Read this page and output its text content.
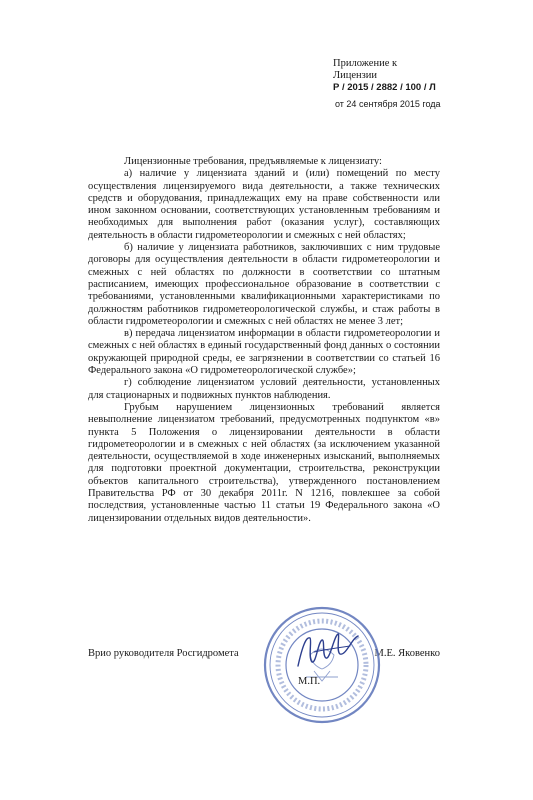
Приложение к
Лицензии
Р / 2015 / 2882 / 100 / Л
от 24 сентября 2015 года

Лицензионные требования, предъявляемые к лицензиату:

а) наличие у лицензиата зданий и (или) помещений по месту осуществления лицензируемого вида деятельности, а также технических средств и оборудования, принадлежащих ему на праве собственности или ином законном основании, соответствующих установленным требованиям и необходимых для выполнения работ (оказания услуг), составляющих деятельность в области гидрометеорологии и смежных с ней областях;

б) наличие у лицензиата работников, заключивших с ним трудовые договоры для осуществления деятельности в области гидрометеорологии и смежных с ней областях по должности в соответствии со штатным расписанием, имеющих профессиональное образование в соответствии с требованиями, установленными квалификационными характеристиками по должностям работников гидрометеорологической службы, и стаж работы в области гидрометеорологии и смежных с ней областях не менее 3 лет;

в) передача лицензиатом информации в области гидрометеорологии и смежных с ней областях в единый государственный фонд данных о состоянии окружающей природной среды, ее загрязнении в соответствии со статьей 16 Федерального закона «О гидрометеорологической службе»;

г) соблюдение лицензиатом условий деятельности, установленных для стационарных и подвижных пунктов наблюдения.

Грубым нарушением лицензионных требований является невыполнение лицензиатом требований, предусмотренных подпунктом «в» пункта 5 Положения о лицензировании деятельности в области гидрометеорологии и в смежных с ней областях (за исключением указанной деятельности, осуществляемой в ходе инженерных изысканий, выполняемых для подготовки проектной документации, строительства, реконструкции объектов капитального строительства), утвержденного постановлением Правительства РФ от 30 декабря 2011г. N 1216, повлекшее за собой последствия, установленные частью 11 статьи 19 Федерального закона «О лицензировании отдельных видов деятельности».

Врио руководителя Росгидромета	М.Е. Яковенко
М.П.
